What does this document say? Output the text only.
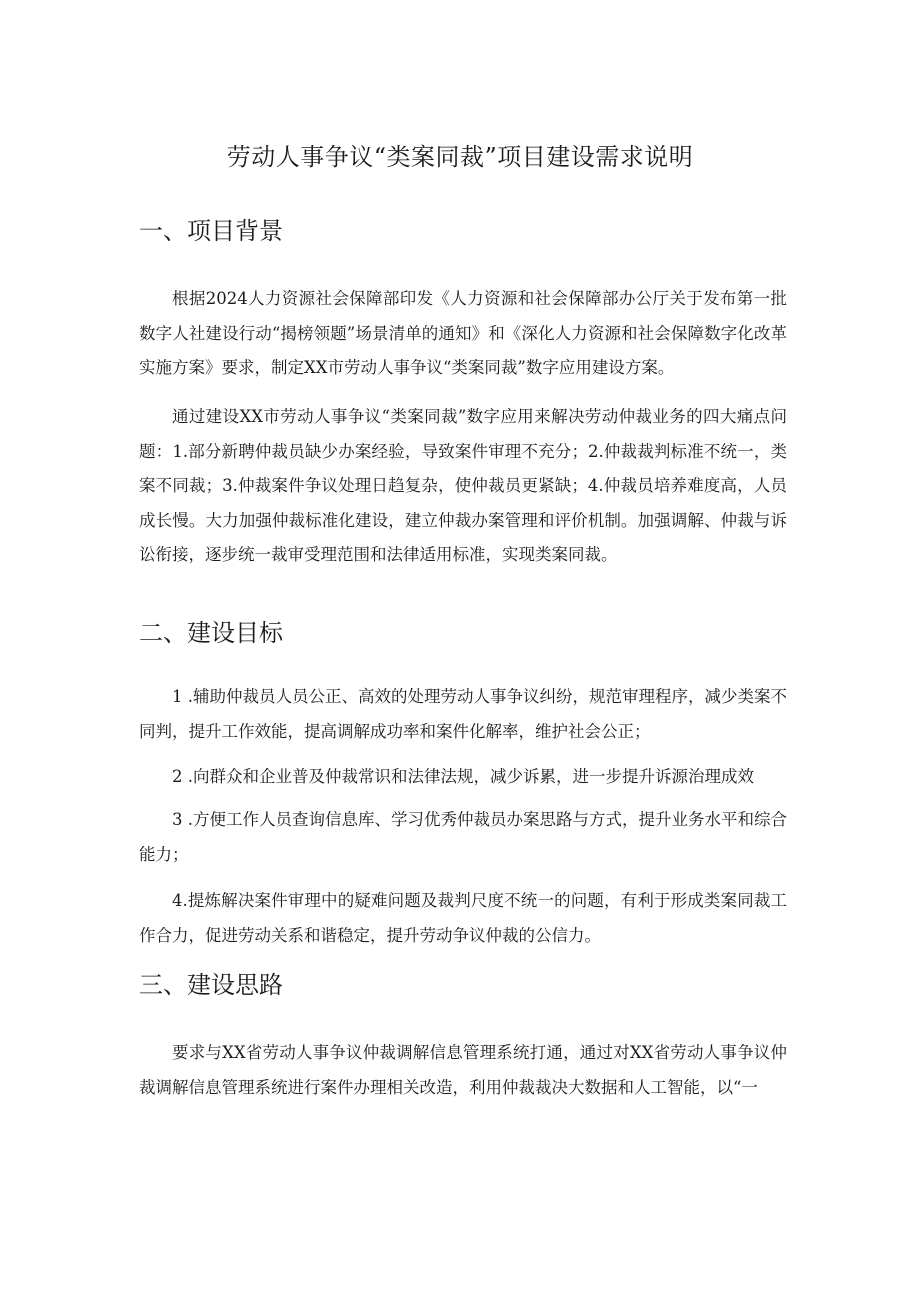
劳动人事争议“类案同裁”项目建设需求说明
一、项目背景

根据2024人力资源社会保障部印发《人力资源和社会保障部办公厅关于发布第一批数字人社建设行动“揭榜领题”场景清单的通知》和《深化人力资源和社会保障数字化改革实施方案》要求，制定XX市劳动人事争议“类案同裁”数字应用建设方案。

通过建设XX市劳动人事争议“类案同裁”数字应用来解决劳动仲裁业务的四大痛点问题：1.部分新聘仲裁员缺少办案经验，导致案件审理不充分；2.仲裁裁判标准不统一，类案不同裁；3.仲裁案件争议处理日趋复杂，使仲裁员更紧缺；4.仲裁员培养难度高，人员成长慢。大力加强仲裁标准化建设，建立仲裁办案管理和评价机制。加强调解、仲裁与诉讼衔接，逐步统一裁审受理范围和法律适用标准，实现类案同裁。

二、建设目标

1 .辅助仲裁员人员公正、高效的处理劳动人事争议纠纷，规范审理程序，减少类案不同判，提升工作效能，提高调解成功率和案件化解率，维护社会公正；

2 .向群众和企业普及仲裁常识和法律法规，减少诉累，进一步提升诉源治理成效

3 .方便工作人员查询信息库、学习优秀仲裁员办案思路与方式，提升业务水平和综合能力；

4.提炼解决案件审理中的疑难问题及裁判尺度不统一的问题，有利于形成类案同裁工作合力，促进劳动关系和谐稳定，提升劳动争议仲裁的公信力。

三、建设思路

要求与XX省劳动人事争议仲裁调解信息管理系统打通，通过对XX省劳动人事争议仲裁调解信息管理系统进行案件办理相关改造，利用仲裁裁决大数据和人工智能，以“一
